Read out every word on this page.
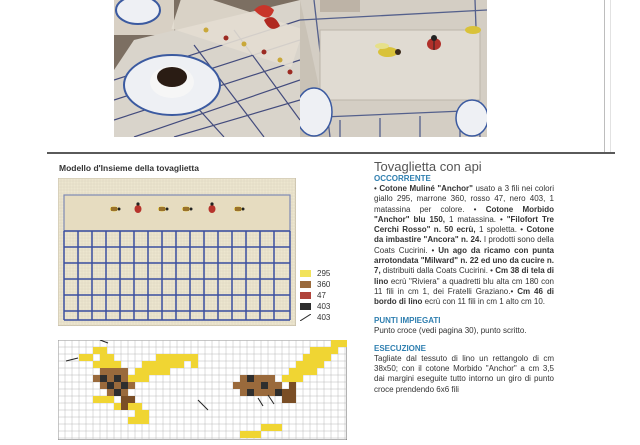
Modello d'Insieme della tovaglietta
295
360
47
403
403
Tovaglietta con api
OCCORRENTE

• Cotone Muliné "Anchor" usato a 3 fili nei colori giallo 295, marrone 360, rosso 47, nero 403, 1 matassina per colore. • Cotone Morbido "Anchor" blu 150, 1 matassina. • "Filofort Tre Cerchi Rosso" n. 50 ecrù, 1 spoletta. • Cotone da imbastire "Ancora" n. 24. I prodotti sono della Coats Cucirini. • Un ago da ricamo con punta arrotondata "Milward" n. 22 ed uno da cucire n. 7, distribuiti dalla Coats Cucirini. • Cm 38 di tela di lino ecrù "Riviera" a quadretti blu alta cm 180 con 11 fili in cm 1, dei Fratelli Graziano.• Cm 46 di bordo di lino ecrù con 11 fili in cm 1 alto cm 10.

PUNTI IMPIEGATI

Punto croce (vedi pagina 30), punto scritto.

ESECUZIONE

Tagliate dal tessuto di lino un rettangolo di cm 38x50; con il cotone Morbido "Anchor" a cm 3,5 dai margini eseguite tutto intorno un giro di punto croce prendendo 6x6 fili
